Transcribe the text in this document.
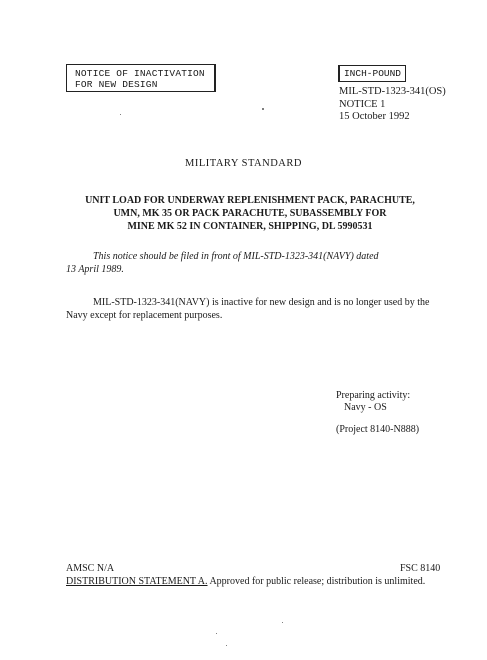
NOTICE OF INACTIVATION
FOR NEW DESIGN
INCH-POUND
MIL-STD-1323-341(OS)
NOTICE 1
15 October 1992
MILITARY STANDARD
UNIT LOAD FOR UNDERWAY REPLENISHMENT PACK, PARACHUTE,
UMN, MK 35 OR PACK PARACHUTE, SUBASSEMBLY FOR
MINE MK 52 IN CONTAINER, SHIPPING, DL 5990531
This notice should be filed in front of MIL-STD-1323-341(NAVY) dated
13 April 1989.
MIL-STD-1323-341(NAVY) is inactive for new design and is no longer used by the
Navy except for replacement purposes.
Preparing activity:
Navy - OS
(Project 8140-N888)
AMSC N/A	FSC 8140
DISTRIBUTION STATEMENT A. Approved for public release; distribution is unlimited.
